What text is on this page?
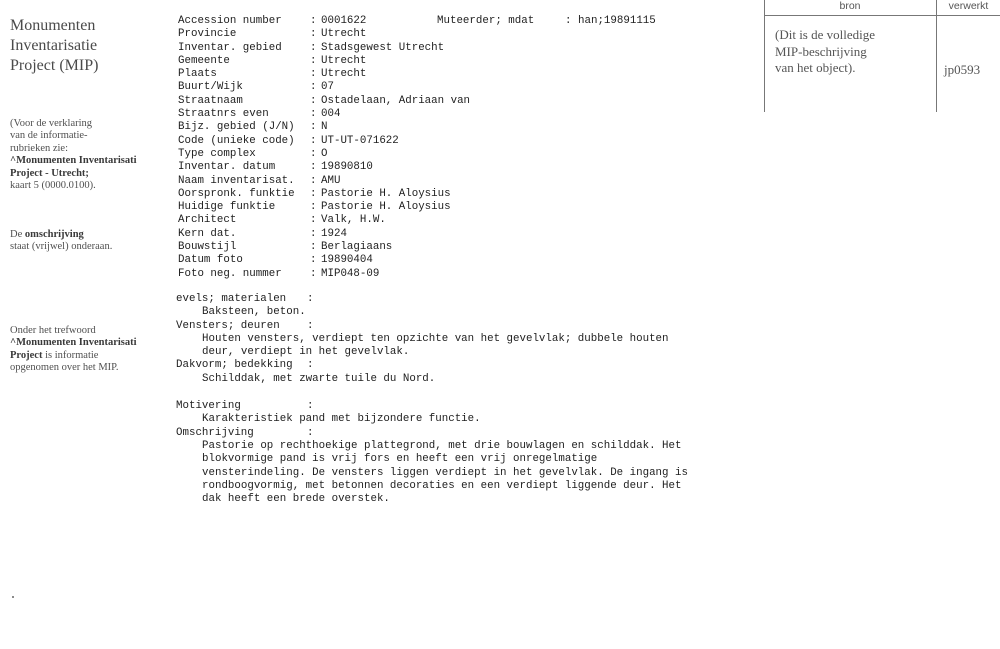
Monumenten
Inventarisatie
Project (MIP)
(Voor de verklaring
van de informatie-
rubrieken zie:
^Monumenten Inventarisati
Project - Utrecht;
kaart 5 (0000.0100).
De omschrijving
staat (vrijwel) onderaan.
Onder het trefwoord
^Monumenten Inventarisati
Project is informatie
opgenomen over het MIP.
bron	verwerkt
(Dit is de volledige
MIP-beschrijving
van het object).	jp0593
Muteerder; mdat	: han;19891115
Accession number	: 0001622
Provincie	: Utrecht
Inventar. gebied	: Stadsgewest Utrecht
Gemeente	: Utrecht
Plaats	: Utrecht
Buurt/Wijk	: 07
Straatnaam	: Ostadelaan, Adriaan van
Straatnrs even	: 004
Bijz. gebied (J/N) : N
Code (unieke code) : UT-UT-071622
Type complex	: O
Inventar. datum	: 19890810
Naam inventarisat. : AMU
Oorspronk. funktie : Pastorie H. Aloysius
Huidige funktie	: Pastorie H. Aloysius
Architect	: Valk, H.W.
Kern dat.	: 1924
Bouwstijl	: Berlagiaans
Datum foto	: 19890404
Foto neg. nummer	: MIP048-09
evels; materialen :
Baksteen, beton.
Vensters; deuren	:
Houten vensters, verdiept ten opzichte van het gevelvlak; dubbele houten
deur, verdiept in het gevelvlak.
Dakvorm; bedekking :
Schilddak, met zwarte tuile du Nord.
Motivering	:
Karakteristiek pand met bijzondere functie.
Omschrijving	:
Pastorie op rechthoekige plattegrond, met drie bouwlagen en schilddak. Het
blokvormige pand is vrij fors en heeft een vrij onregelmatige
vensterindeling. De vensters liggen verdiept in het gevelvlak. De ingang is
rondboogvormig, met betonnen decoraties en een verdiept liggende deur. Het
dak heeft een brede overstek.
